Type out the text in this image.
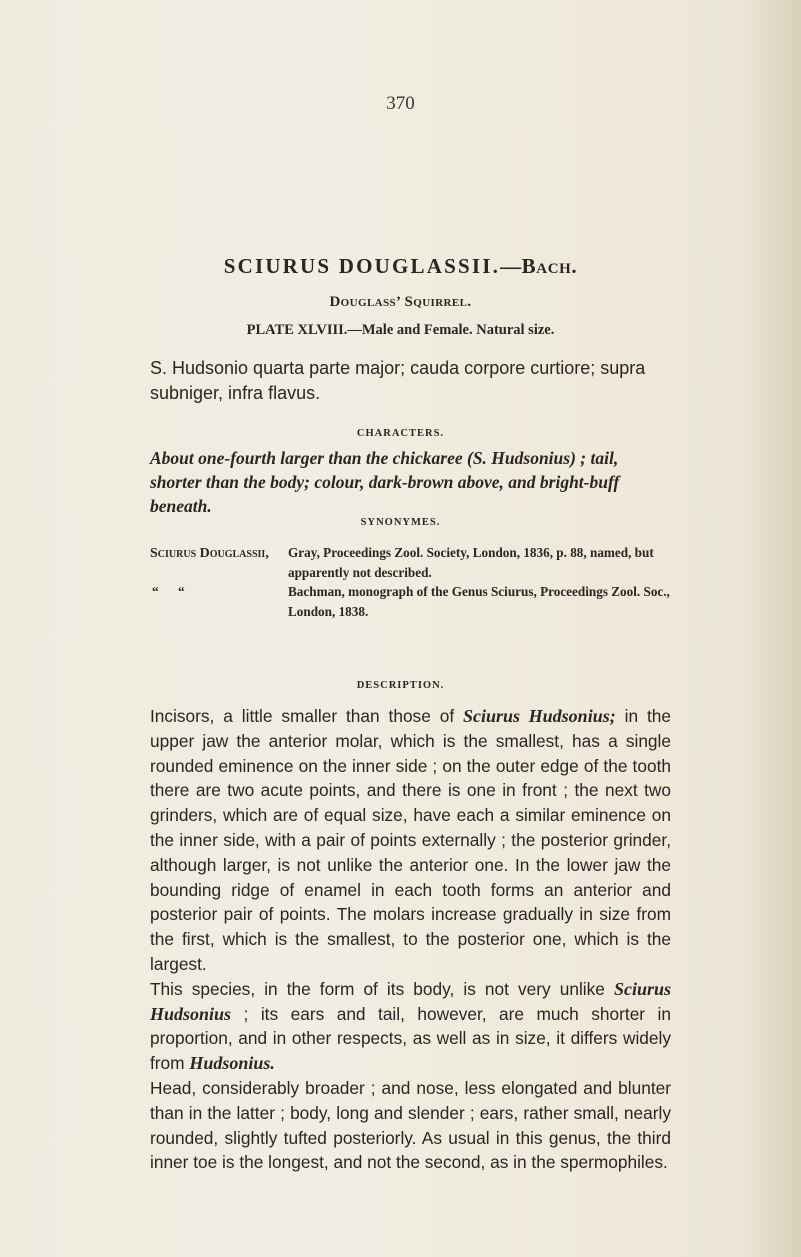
370
SCIURUS DOUGLASSII.—Bach.
Douglass’ Squirrel.
PLATE XLVIII.—Male and Female. Natural size.
S. Hudsonio quarta parte major; cauda corpore curtiore; supra subniger, infra flavus.
CHARACTERS.
About one-fourth larger than the chickaree (S. Hudsonius) ; tail, shorter than the body; colour, dark-brown above, and bright-buff beneath.
SYNONYMES.
Sciurus Douglassii,	Gray, Proceedings Zool. Society, London, 1836, p. 88, named, but apparently not described.
“ “	Bachman, monograph of the Genus Sciurus, Proceedings Zool. Soc., London, 1838.
DESCRIPTION.

Incisors, a little smaller than those of Sciurus Hudsonius; in the upper jaw the anterior molar, which is the smallest, has a single rounded eminence on the inner side ; on the outer edge of the tooth there are two acute points, and there is one in front ; the next two grinders, which are of equal size, have each a similar eminence on the inner side, with a pair of points externally ; the posterior grinder, although larger, is not unlike the anterior one. In the lower jaw the bounding ridge of enamel in each tooth forms an anterior and posterior pair of points. The molars increase gradually in size from the first, which is the smallest, to the posterior one, which is the largest.

This species, in the form of its body, is not very unlike Sciurus Hudsonius ; its ears and tail, however, are much shorter in proportion, and in other respects, as well as in size, it differs widely from Hudsonius.

Head, considerably broader ; and nose, less elongated and blunter than in the latter ; body, long and slender ; ears, rather small, nearly rounded, slightly tufted posteriorly. As usual in this genus, the third inner toe is the longest, and not the second, as in the spermophiles.
